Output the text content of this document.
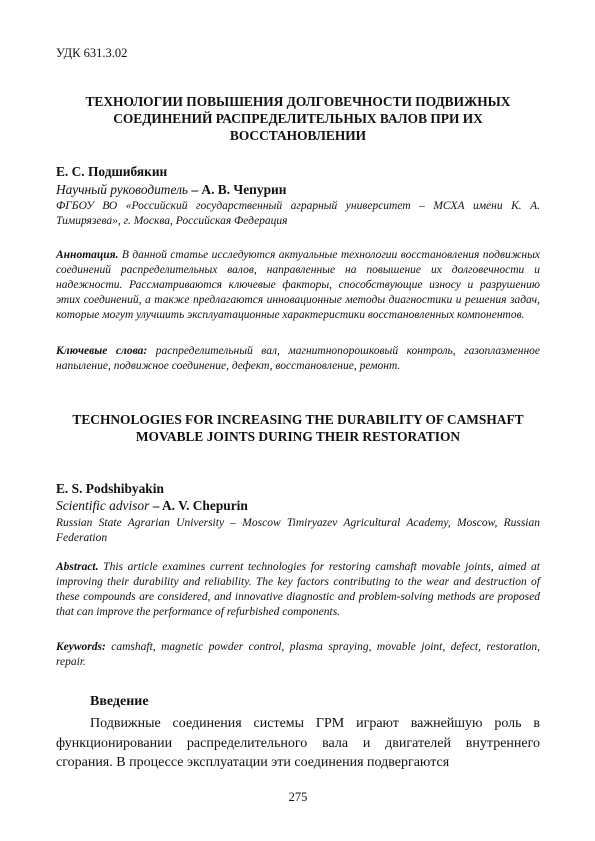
УДК 631.3.02
ТЕХНОЛОГИИ ПОВЫШЕНИЯ ДОЛГОВЕЧНОСТИ ПОДВИЖНЫХ СОЕДИНЕНИЙ РАСПРЕДЕЛИТЕЛЬНЫХ ВАЛОВ ПРИ ИХ ВОССТАНОВЛЕНИИ
Е. С. Подшибякин
Научный руководитель – А. В. Чепурин
ФГБОУ ВО «Российский государственный аграрный университет – МСХА имени К. А. Тимирязева», г. Москва, Российская Федерация
Аннотация. В данной статье исследуются актуальные технологии восстановления подвижных соединений распределительных валов, направленные на повышение их долговечности и надежности. Рассматриваются ключевые факторы, способствующие износу и разрушению этих соединений, а также предлагаются инновационные методы диагностики и решения задач, которые могут улучшить эксплуатационные характеристики восстановленных компонентов.
Ключевые слова: распределительный вал, магнитнопорошковый контроль, газоплазменное напыление, подвижное соединение, дефект, восстановление, ремонт.
TECHNOLOGIES FOR INCREASING THE DURABILITY OF CAMSHAFT MOVABLE JOINTS DURING THEIR RESTORATION
E. S. Podshibyakin
Scientific advisor – A. V. Chepurin
Russian State Agrarian University – Moscow Timiryazev Agricultural Academy, Moscow, Russian Federation
Abstract. This article examines current technologies for restoring camshaft movable joints, aimed at improving their durability and reliability. The key factors contributing to the wear and destruction of these compounds are considered, and innovative diagnostic and problem-solving methods are proposed that can improve the performance of refurbished components.
Keywords: camshaft, magnetic powder control, plasma spraying, movable joint, defect, restoration, repair.
Введение
Подвижные соединения системы ГРМ играют важнейшую роль в функционировании распределительного вала и двигателей внутреннего сгорания. В процессе эксплуатации эти соединения подвергаются
275
